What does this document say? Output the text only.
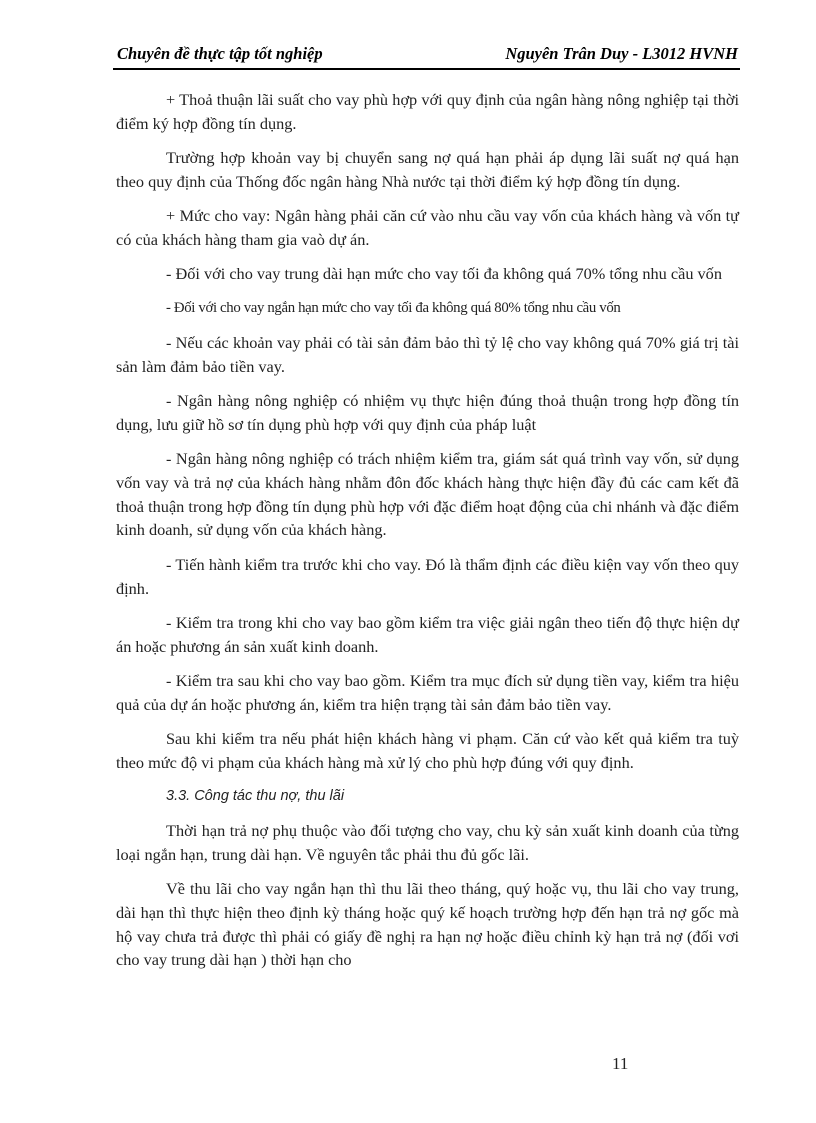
Chuyên đề thực tập tốt nghiệp	Nguyên Trân Duy - L3012 HVNH

+ Thoả thuận lãi suất cho vay phù hợp với quy định của ngân hàng nông nghiệp tại thời điểm ký hợp đồng tín dụng.

Trường hợp khoản vay bị chuyển sang nợ quá hạn phải áp dụng lãi suất nợ quá hạn theo quy định của Thống đốc ngân hàng Nhà nước tại thời điểm ký hợp đồng tín dụng.

+ Mức cho vay: Ngân hàng phải căn cứ vào nhu cầu vay vốn của khách hàng và vốn tự có của khách hàng tham gia vaò dự án.

- Đối với cho vay trung dài hạn mức cho vay tối đa không quá 70% tổng nhu cầu vốn

- Đối với cho vay ngắn hạn mức cho vay tối đa không quá 80% tổng nhu cầu vốn

- Nếu các khoản vay phải có tài sản đảm bảo thì tỷ lệ cho vay không quá 70% giá trị tài sản làm đảm bảo tiền vay.

- Ngân hàng nông nghiệp có nhiệm vụ thực hiện đúng thoả thuận trong hợp đồng tín dụng, lưu giữ hồ sơ tín dụng phù hợp với quy định của pháp luật

- Ngân hàng nông nghiệp có trách nhiệm kiểm tra, giám sát quá trình vay vốn, sử dụng vốn vay và trả nợ của khách hàng nhằm đôn đốc khách hàng thực hiện đầy đủ các cam kết đã thoả thuận trong hợp đồng tín dụng phù hợp với đặc điểm hoạt động của chi nhánh và đặc điểm kinh doanh, sử dụng vốn của khách hàng.

- Tiến hành kiểm tra trước khi cho vay. Đó là thẩm định các điều kiện vay vốn theo quy định.

- Kiểm tra trong khi cho vay bao gồm kiểm tra việc giải ngân theo tiến độ thực hiện dự án hoặc phương án sản xuất kinh doanh.

- Kiểm tra sau khi cho vay bao gồm. Kiểm tra mục đích sử dụng tiền vay, kiểm tra hiệu quả của dự án hoặc phương án, kiểm tra hiện trạng tài sản đảm bảo tiền vay.

Sau khi kiểm tra nếu phát hiện khách hàng vi phạm. Căn cứ vào kết quả kiểm tra tuỳ theo mức độ vi phạm của khách hàng mà xử lý cho phù hợp đúng với quy định.

3.3. Công tác thu nợ, thu lãi

Thời hạn trả nợ phụ thuộc vào đối tượng cho vay, chu kỳ sản xuất kinh doanh của từng loại ngắn hạn, trung dài hạn. Về nguyên tắc phải thu đủ gốc lãi.

Về thu lãi cho vay ngắn hạn thì thu lãi theo tháng, quý hoặc vụ, thu lãi cho vay trung, dài hạn thì thực hiện theo định kỳ tháng hoặc quý kế hoạch trường hợp đến hạn trả nợ gốc mà hộ vay chưa trả được thì phải có giấy đề nghị ra hạn nợ hoặc điều chỉnh kỳ hạn trả nợ (đối vơi cho vay trung dài hạn ) thời hạn cho

11
